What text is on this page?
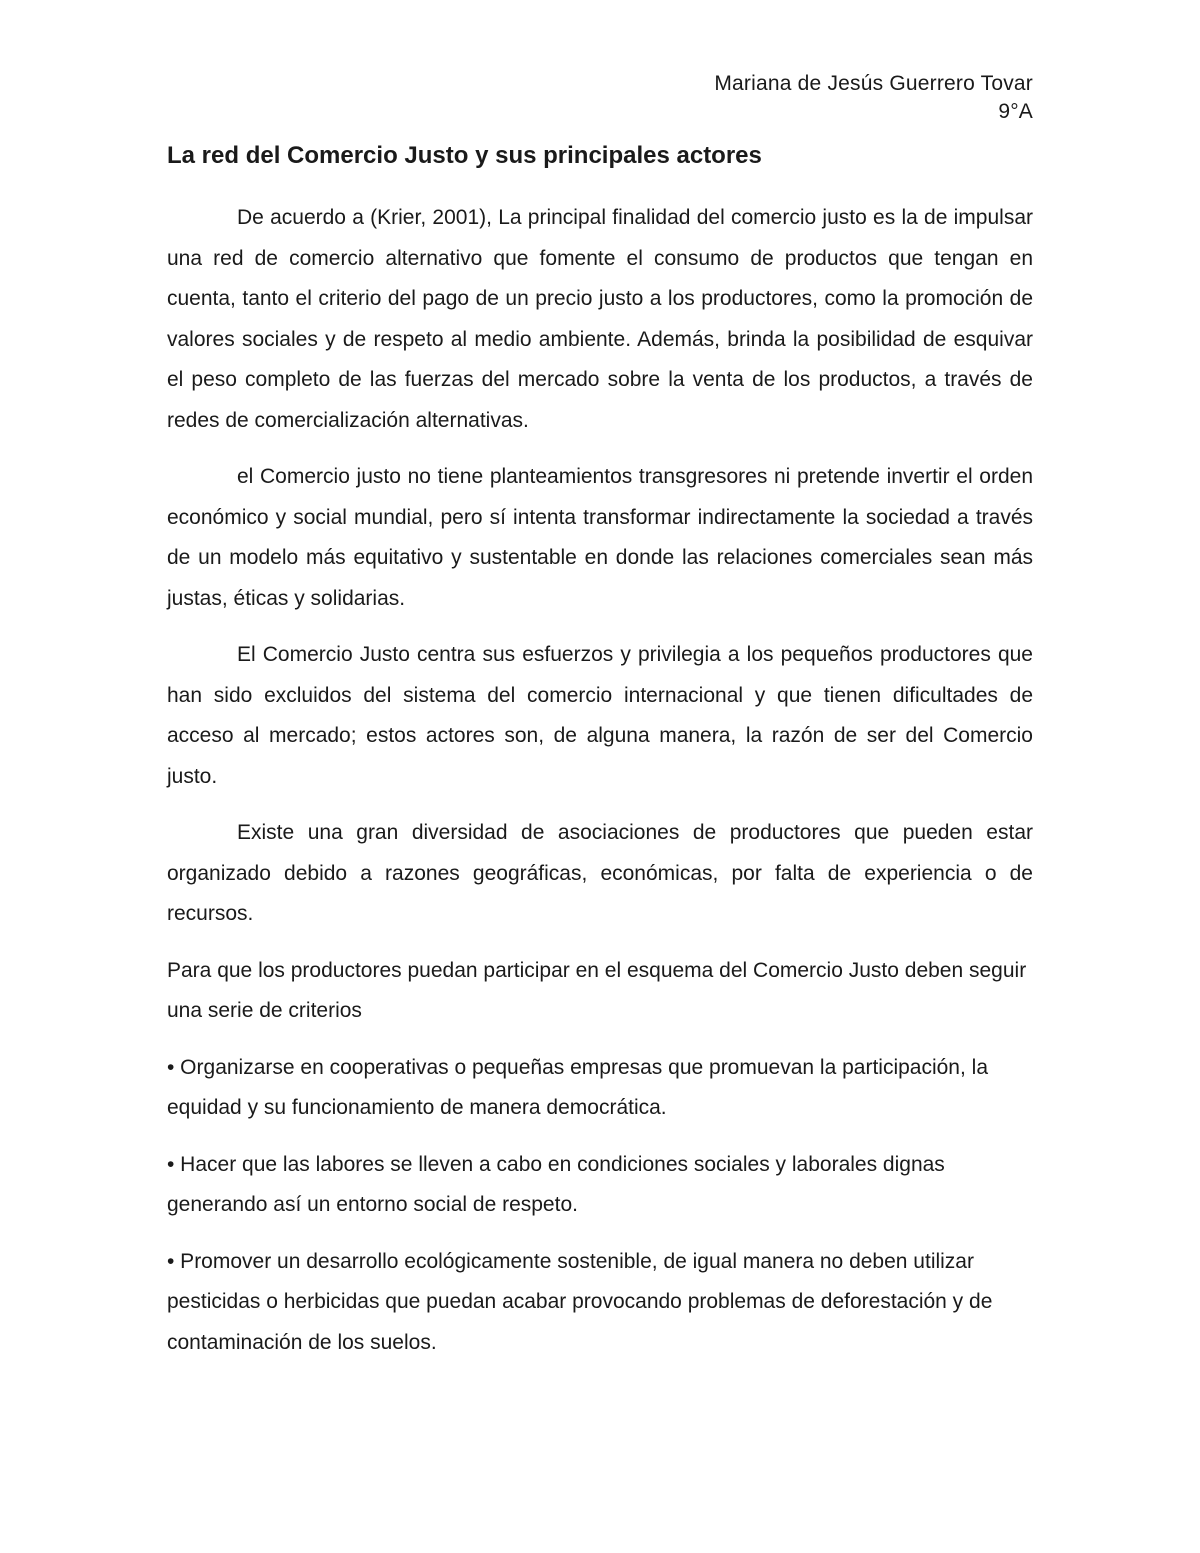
Mariana de Jesús Guerrero Tovar
9°A
La red del Comercio Justo y sus principales actores

De acuerdo a (Krier, 2001), La principal finalidad del comercio justo es la de impulsar una red de comercio alternativo que fomente el consumo de productos que tengan en cuenta, tanto el criterio del pago de un precio justo a los productores, como la promoción de valores sociales y de respeto al medio ambiente. Además, brinda la posibilidad de esquivar el peso completo de las fuerzas del mercado sobre la venta de los productos, a través de redes de comercialización alternativas.

el Comercio justo no tiene planteamientos transgresores ni pretende invertir el orden económico y social mundial, pero sí intenta transformar indirectamente la sociedad a través de un modelo más equitativo y sustentable en donde las relaciones comerciales sean más justas, éticas y solidarias.

El Comercio Justo centra sus esfuerzos y privilegia a los pequeños productores que han sido excluidos del sistema del comercio internacional y que tienen dificultades de acceso al mercado; estos actores son, de alguna manera, la razón de ser del Comercio justo.

Existe una gran diversidad de asociaciones de productores que pueden estar organizado debido a razones geográficas, económicas, por falta de experiencia o de recursos.

Para que los productores puedan participar en el esquema del Comercio Justo deben seguir una serie de criterios

• Organizarse en cooperativas o pequeñas empresas que promuevan la participación, la equidad y su funcionamiento de manera democrática.

• Hacer que las labores se lleven a cabo en condiciones sociales y laborales dignas generando así un entorno social de respeto.

• Promover un desarrollo ecológicamente sostenible, de igual manera no deben utilizar pesticidas o herbicidas que puedan acabar provocando problemas de deforestación y de contaminación de los suelos.
